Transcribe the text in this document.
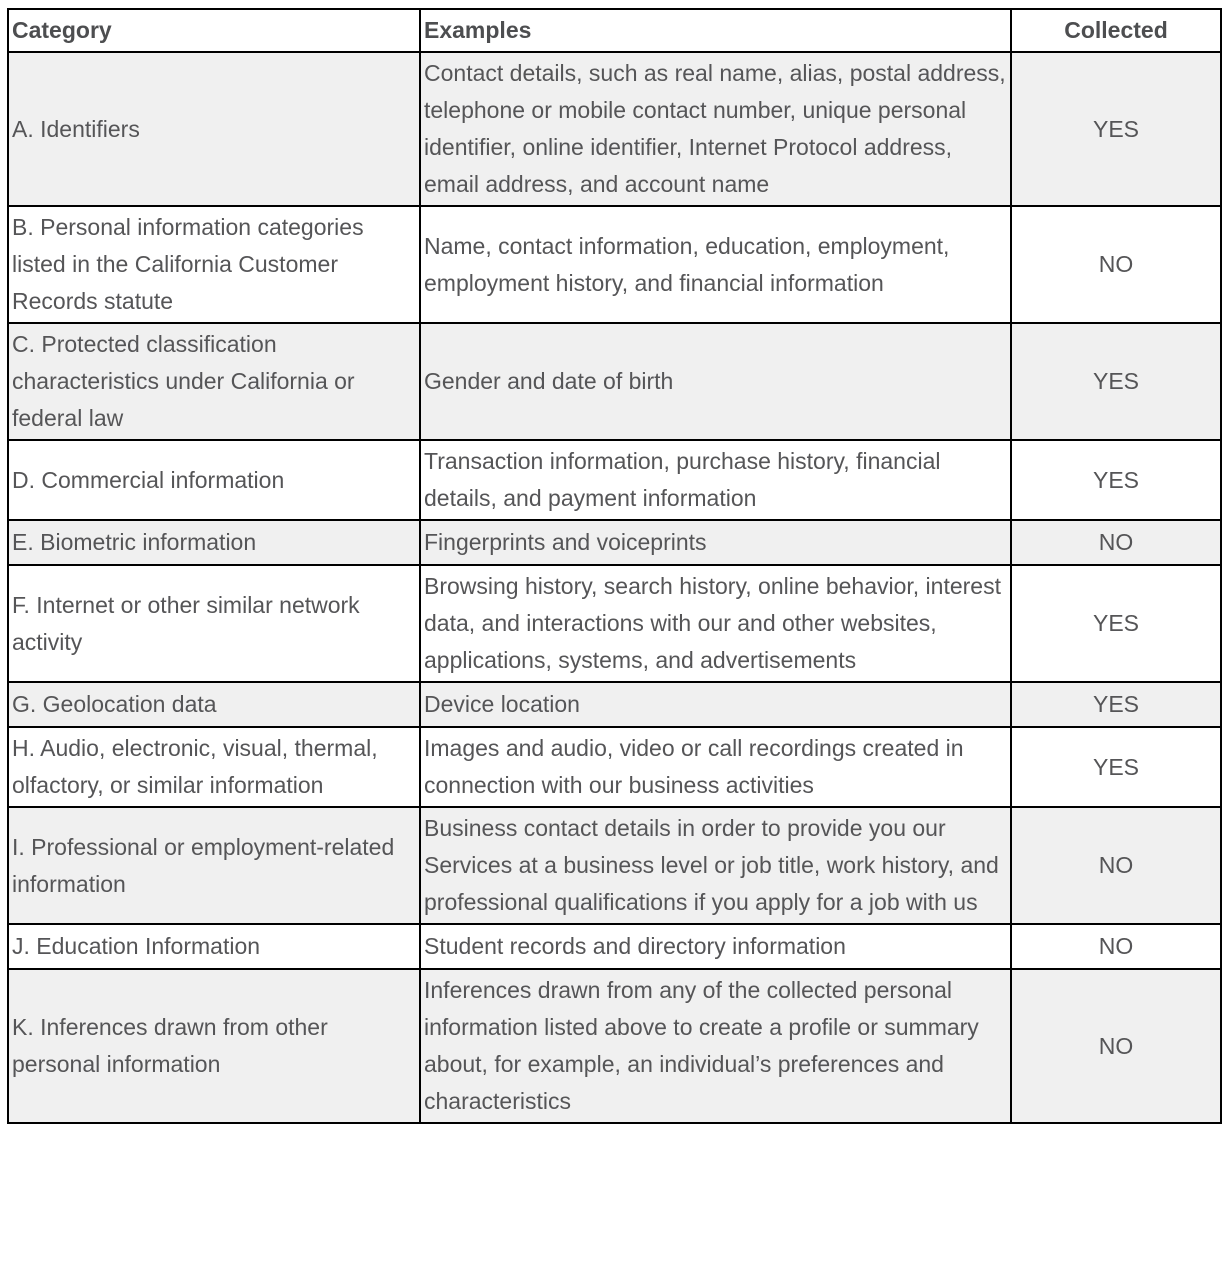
Category	Examples	Collected
A. Identifiers	Contact details, such as real name, alias, postal address, telephone or mobile contact number, unique personal identifier, online identifier, Internet Protocol address, email address, and account name	YES
B. Personal information categories listed in the California Customer Records statute	Name, contact information, education, employment, employment history, and financial information	NO
C. Protected classification characteristics under California or federal law	Gender and date of birth	YES
D. Commercial information	Transaction information, purchase history, financial details, and payment information	YES
E. Biometric information	Fingerprints and voiceprints	NO
F. Internet or other similar network activity	Browsing history, search history, online behavior, interest data, and interactions with our and other websites, applications, systems, and advertisements	YES
G. Geolocation data	Device location	YES
H. Audio, electronic, visual, thermal, olfactory, or similar information	Images and audio, video or call recordings created in connection with our business activities	YES
I. Professional or employment-related information	Business contact details in order to provide you our Services at a business level or job title, work history, and professional qualifications if you apply for a job with us	NO
J. Education Information	Student records and directory information	NO
K. Inferences drawn from other personal information	Inferences drawn from any of the collected personal information listed above to create a profile or summary about, for example, an individual’s preferences and characteristics	NO
